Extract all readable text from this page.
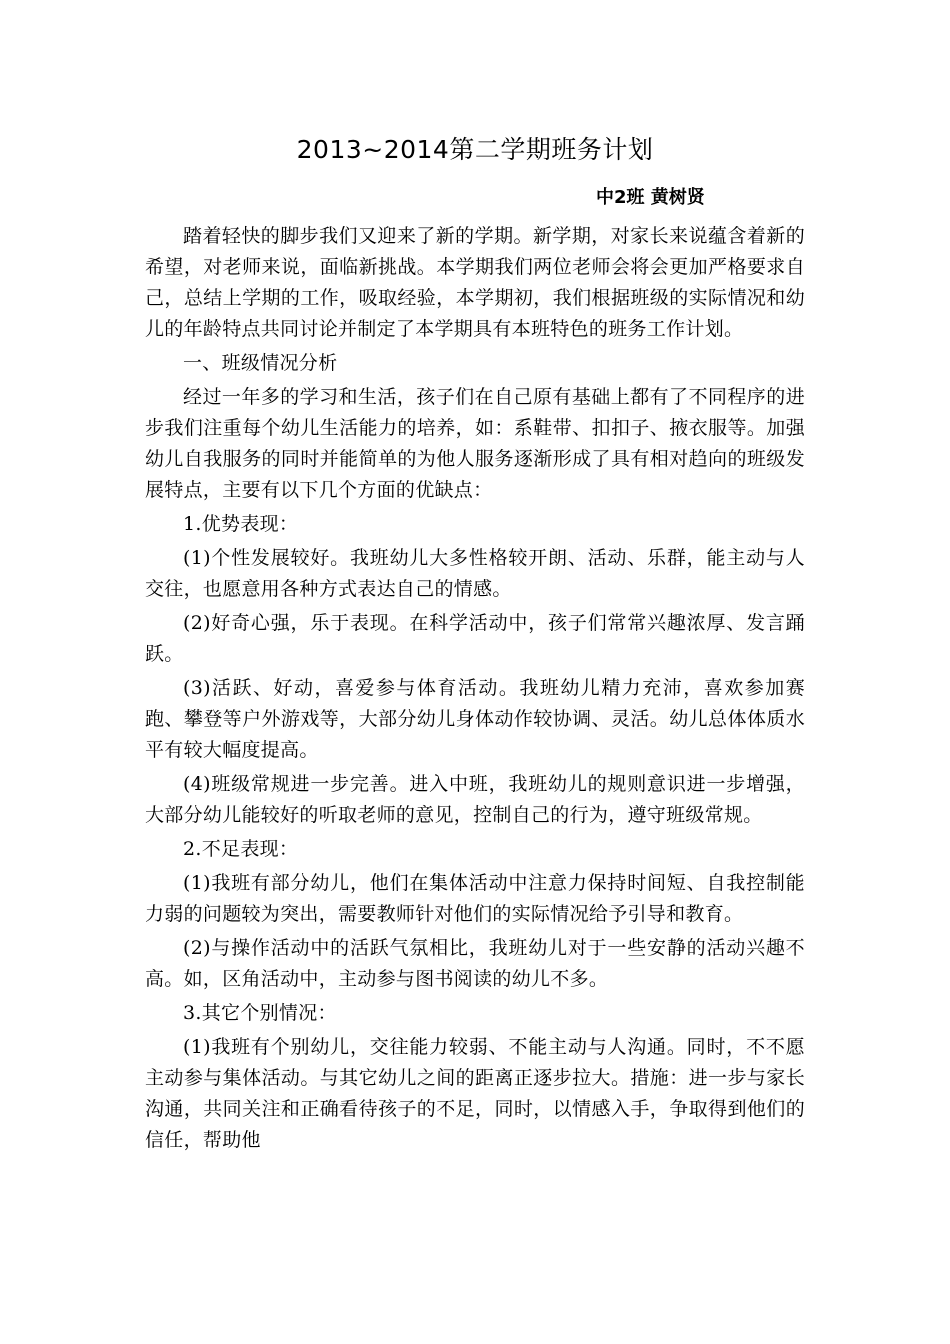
2013~2014第二学期班务计划
中2班 黄树贤

踏着轻快的脚步我们又迎来了新的学期。新学期，对家长来说蕴含着新的希望，对老师来说，面临新挑战。本学期我们两位老师会将会更加严格要求自己，总结上学期的工作，吸取经验，本学期初，我们根据班级的实际情况和幼儿的年龄特点共同讨论并制定了本学期具有本班特色的班务工作计划。

一、班级情况分析

经过一年多的学习和生活，孩子们在自己原有基础上都有了不同程序的进步我们注重每个幼儿生活能力的培养，如：系鞋带、扣扣子、掖衣服等。加强幼儿自我服务的同时并能简单的为他人服务逐渐形成了具有相对趋向的班级发展特点，主要有以下几个方面的优缺点：

1.优势表现：

(1)个性发展较好。我班幼儿大多性格较开朗、活动、乐群，能主动与人交往，也愿意用各种方式表达自己的情感。

(2)好奇心强，乐于表现。在科学活动中，孩子们常常兴趣浓厚、发言踊跃。

(3)活跃、好动，喜爱参与体育活动。我班幼儿精力充沛，喜欢参加赛跑、攀登等户外游戏等，大部分幼儿身体动作较协调、灵活。幼儿总体体质水平有较大幅度提高。

(4)班级常规进一步完善。进入中班，我班幼儿的规则意识进一步增强，大部分幼儿能较好的听取老师的意见，控制自己的行为，遵守班级常规。

2.不足表现：

(1)我班有部分幼儿，他们在集体活动中注意力保持时间短、自我控制能力弱的问题较为突出，需要教师针对他们的实际情况给予引导和教育。

(2)与操作活动中的活跃气氛相比，我班幼儿对于一些安静的活动兴趣不高。如，区角活动中，主动参与图书阅读的幼儿不多。

3.其它个别情况：

(1)我班有个别幼儿，交往能力较弱、不能主动与人沟通。同时，不不愿主动参与集体活动。与其它幼儿之间的距离正逐步拉大。措施：进一步与家长沟通，共同关注和正确看待孩子的不足，同时，以情感入手，争取得到他们的信任，帮助他
